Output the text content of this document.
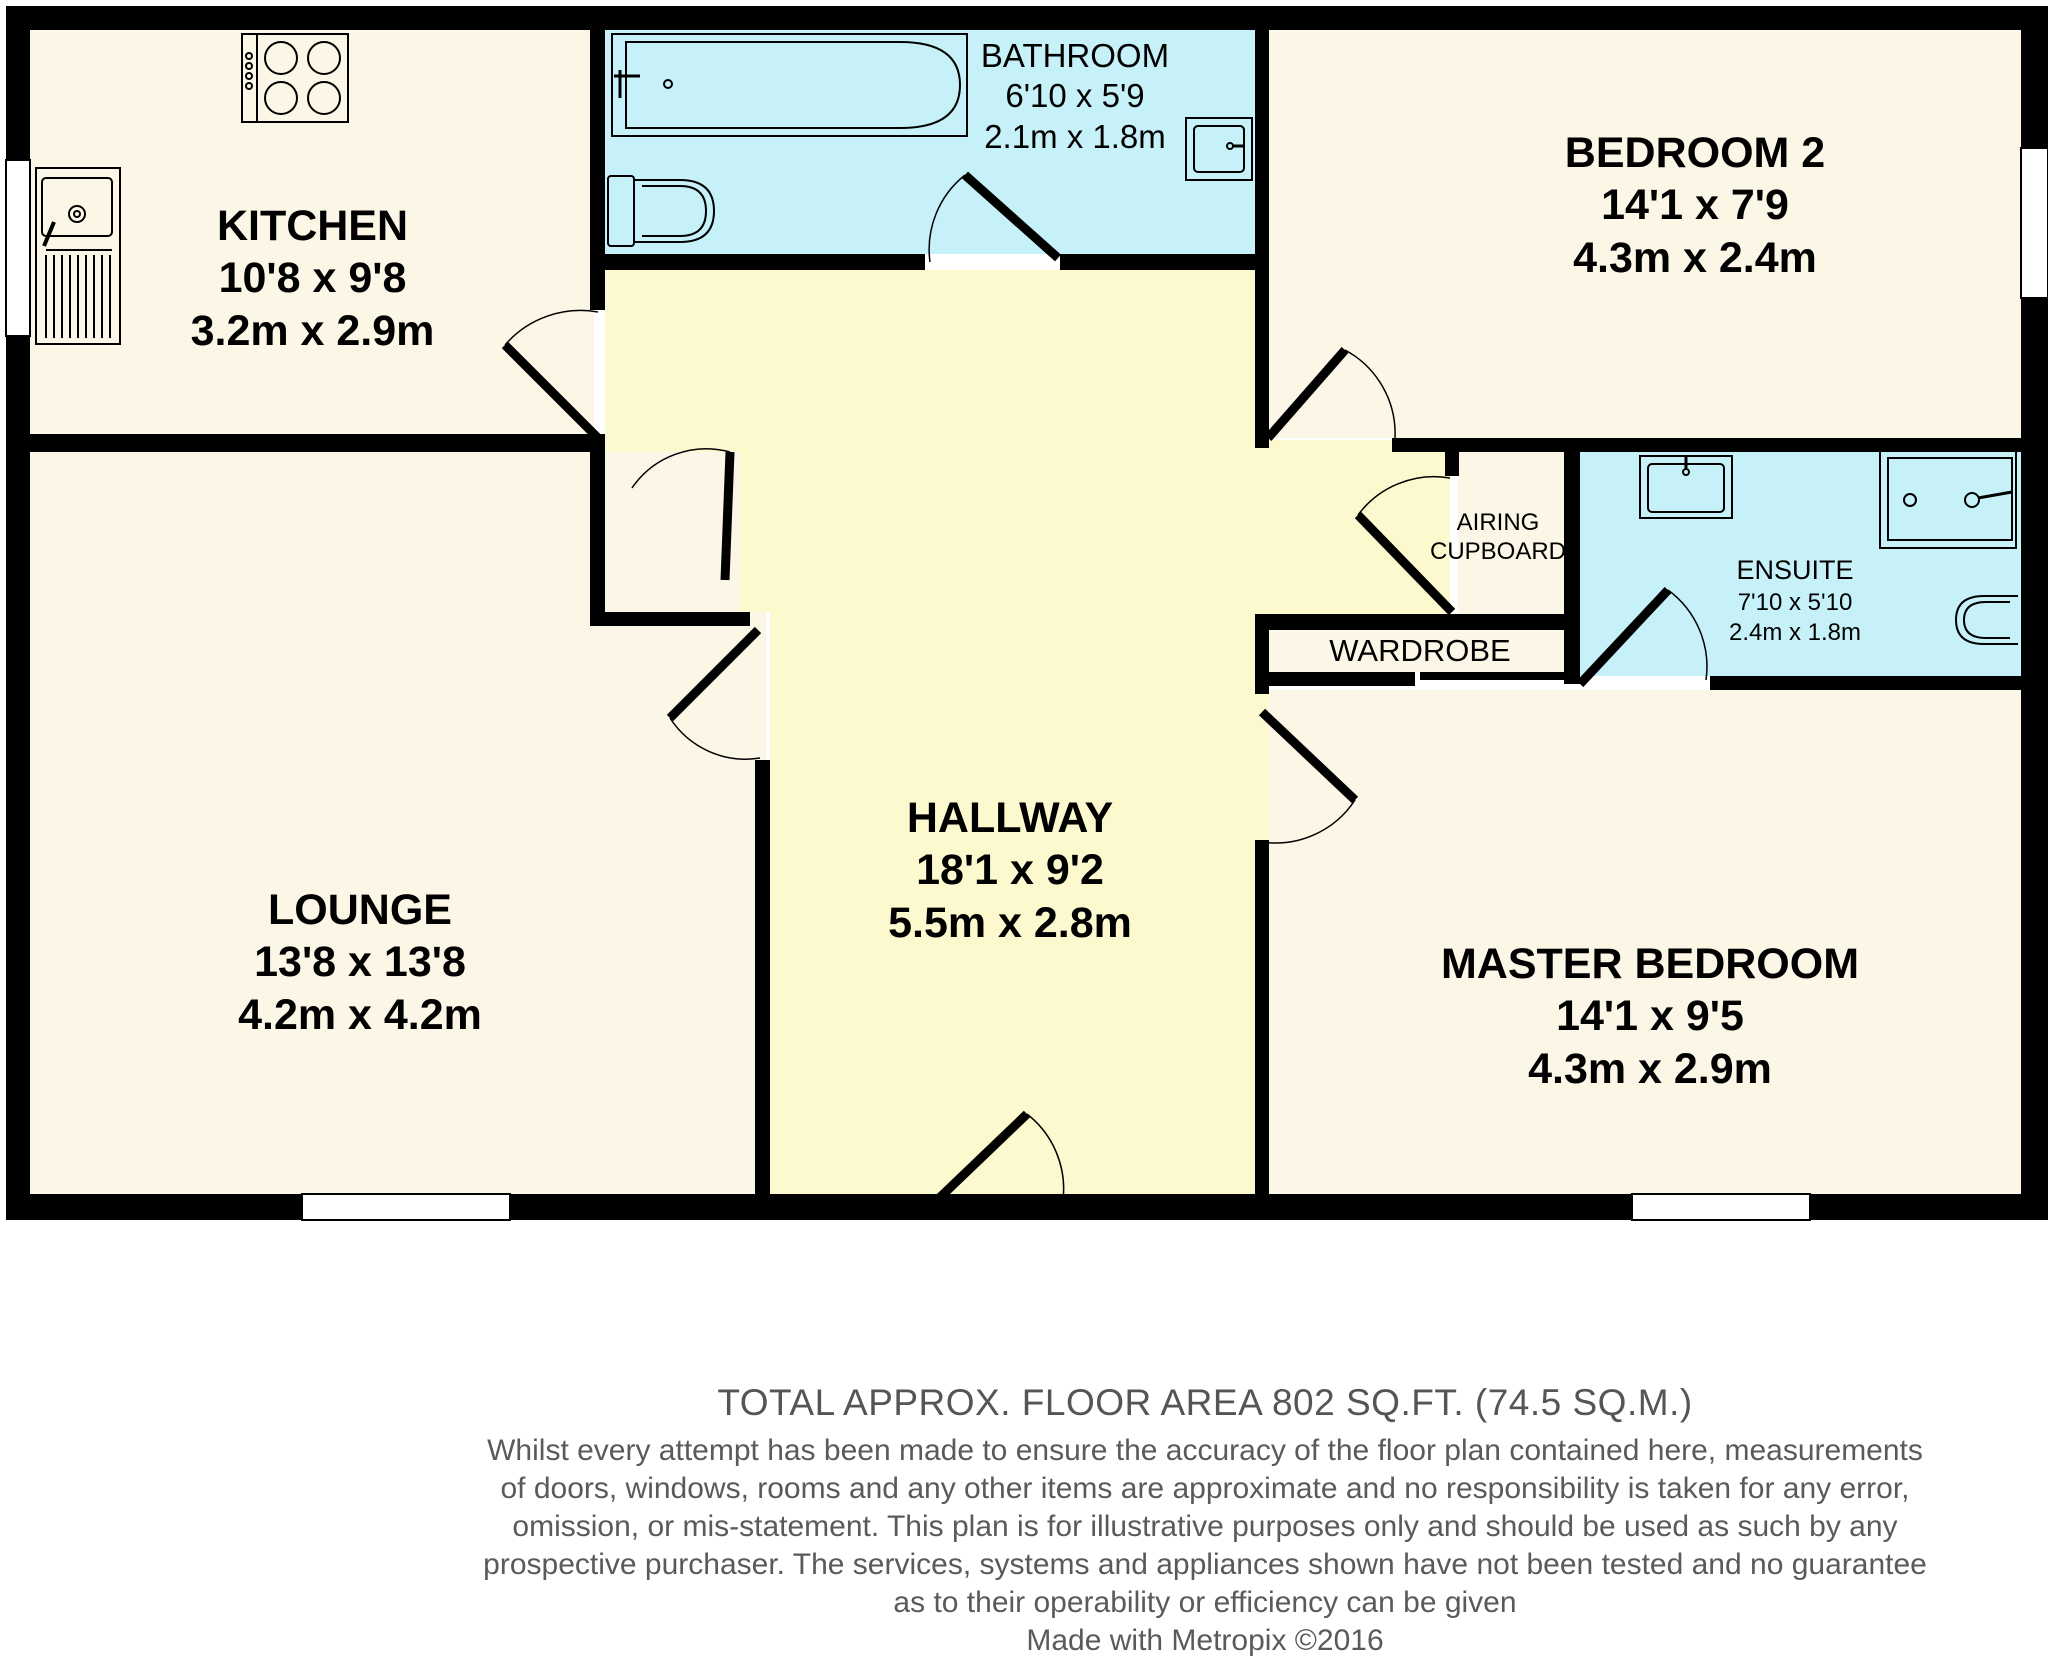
KITCHEN
10'8 x 9'8
3.2m x 2.9m
BATHROOM
6'10 x 5'9
2.1m x 1.8m	BEDROOM 2
14'1 x 7'9
4.3m x 2.4m
AIRING
CUPBOARD
ENSUITE
7'10 x 5'10
2.4m x 1.8m
WARDROBE
HALLWAY
18'1 x 9'2
5.5m x 2.8m
LOUNGE
13'8 x 13'8
4.2m x 4.2m
MASTER BEDROOM
14'1 x 9'5
4.3m x 2.9m
TOTAL APPROX. FLOOR AREA 802 SQ.FT. (74.5 SQ.M.)
Whilst every attempt has been made to ensure the accuracy of the floor plan contained here, measurements
of doors, windows, rooms and any other items are approximate and no responsibility is taken for any error,
omission, or mis-statement. This plan is for illustrative purposes only and should be used as such by any
prospective purchaser. The services, systems and appliances shown have not been tested and no guarantee
as to their operability or efficiency can be given
Made with Metropix ©2016
